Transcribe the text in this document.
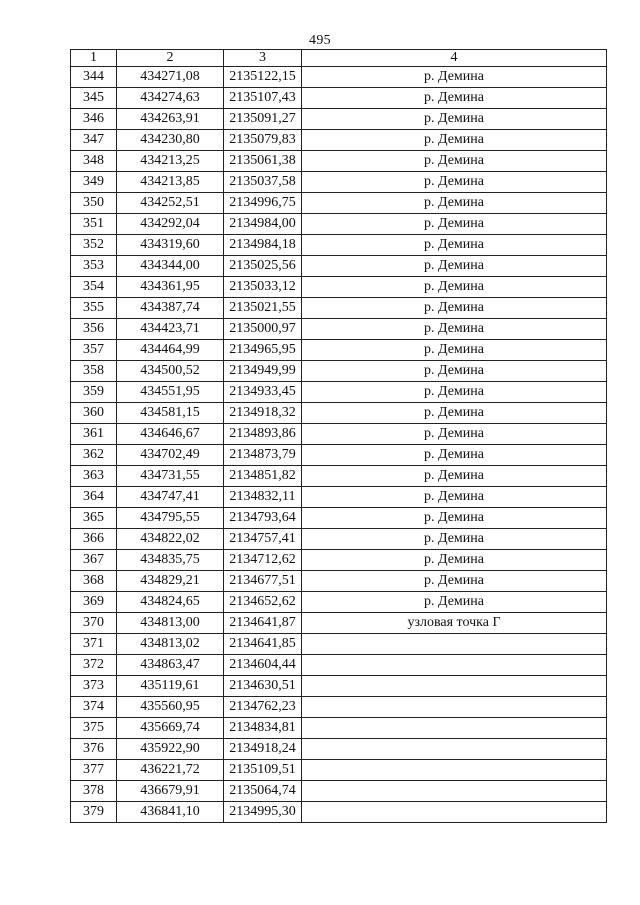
495
1	2	3	4
344	434271,08	2135122,15	р. Демина
345	434274,63	2135107,43	р. Демина
346	434263,91	2135091,27	р. Демина
347	434230,80	2135079,83	р. Демина
348	434213,25	2135061,38	р. Демина
349	434213,85	2135037,58	р. Демина
350	434252,51	2134996,75	р. Демина
351	434292,04	2134984,00	р. Демина
352	434319,60	2134984,18	р. Демина
353	434344,00	2135025,56	р. Демина
354	434361,95	2135033,12	р. Демина
355	434387,74	2135021,55	р. Демина
356	434423,71	2135000,97	р. Демина
357	434464,99	2134965,95	р. Демина
358	434500,52	2134949,99	р. Демина
359	434551,95	2134933,45	р. Демина
360	434581,15	2134918,32	р. Демина
361	434646,67	2134893,86	р. Демина
362	434702,49	2134873,79	р. Демина
363	434731,55	2134851,82	р. Демина
364	434747,41	2134832,11	р. Демина
365	434795,55	2134793,64	р. Демина
366	434822,02	2134757,41	р. Демина
367	434835,75	2134712,62	р. Демина
368	434829,21	2134677,51	р. Демина
369	434824,65	2134652,62	р. Демина
370	434813,00	2134641,87	узловая точка Г
371	434813,02	2134641,85	
372	434863,47	2134604,44	
373	435119,61	2134630,51	
374	435560,95	2134762,23	
375	435669,74	2134834,81	
376	435922,90	2134918,24	
377	436221,72	2135109,51	
378	436679,91	2135064,74	
379	436841,10	2134995,30	
